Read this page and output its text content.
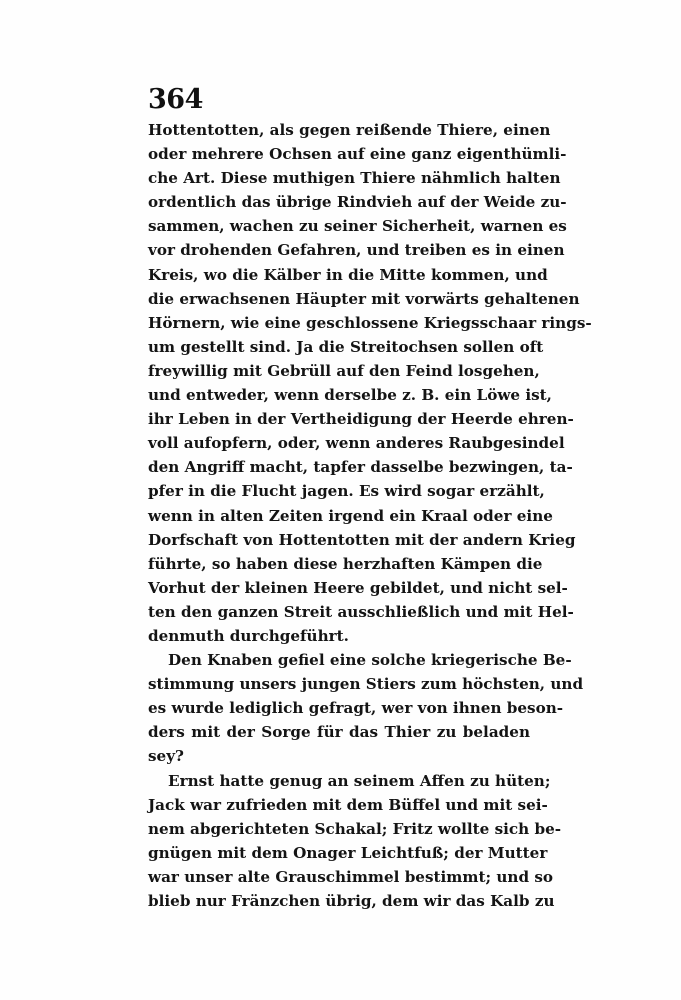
364
Hottentotten, als gegen reißende Thiere, einen
oder mehrere Ochsen auf eine ganz eigenthümli-
che Art. Diese muthigen Thiere nähmlich halten
ordentlich das übrige Rindvieh auf der Weide zu-
sammen, wachen zu seiner Sicherheit, warnen es
vor drohenden Gefahren, und treiben es in einen
Kreis, wo die Kälber in die Mitte kommen, und
die erwachsenen Häupter mit vorwärts gehaltenen
Hörnern, wie eine geschlossene Kriegsschaar rings-
um gestellt sind. Ja die Streitochsen sollen oft
freywillig mit Gebrüll auf den Feind losgehen,
und entweder, wenn derselbe z. B. ein Löwe ist,
ihr Leben in der Vertheidigung der Heerde ehren-
voll aufopfern, oder, wenn anderes Raubgesindel
den Angriff macht, tapfer dasselbe bezwingen, ta-
pfer in die Flucht jagen. Es wird sogar erzählt,
wenn in alten Zeiten irgend ein Kraal oder eine
Dorfschaft von Hottentotten mit der andern Krieg
führte, so haben diese herzhaften Kämpen die
Vorhut der kleinen Heere gebildet, und nicht sel-
ten den ganzen Streit ausschließlich und mit Hel-
denmuth durchgeführt.
Den Knaben gefiel eine solche kriegerische Be-
stimmung unsers jungen Stiers zum höchsten, und
es wurde lediglich gefragt, wer von ihnen beson-
ders mit der Sorge für das Thier zu beladen
sey?
Ernst hatte genug an seinem Affen zu hüten;
Jack war zufrieden mit dem Büffel und mit sei-
nem abgerichteten Schakal; Fritz wollte sich be-
gnügen mit dem Onager Leichtfuß; der Mutter
war unser alte Grauschimmel bestimmt; und so
blieb nur Fränzchen übrig, dem wir das Kalb zu
